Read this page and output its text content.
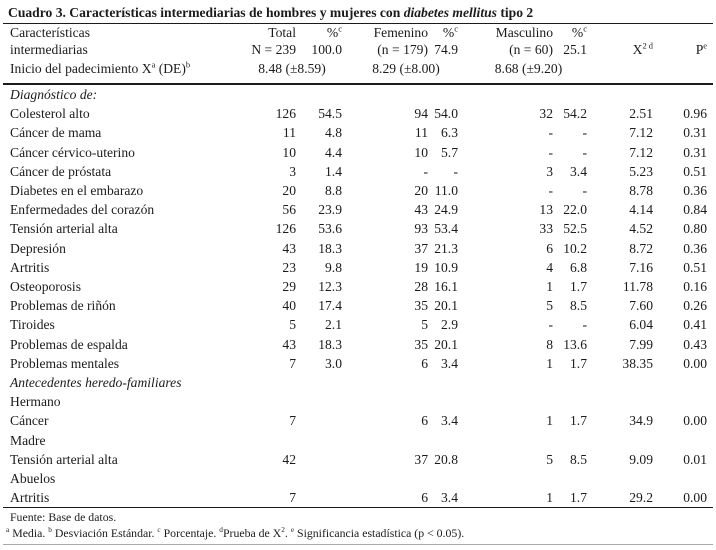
Cuadro 3. Características intermediarias de hombres y mujeres con diabetes mellitus tipo 2
Características	Total	%$^c$	Femenino	%$^c$	Masculino	%$^c$		
intermediarias	N = 239	100.0	(n = 179)	74.9	(n = 60)	25.1	$X^{2 d}$	$P^e$
Inicio del padecimiento $X^a$ (DE)$^b$	8.48 (±8.59)		8.29 (±8.00)		8.68 (±9.20)			
Diagnóstico de:								
Colesterol alto	126	54.5	94	54.0	32	54.2	2.51	0.96
Cáncer de mama	11	4.8	11	6.3	-	-	7.12	0.31
Cáncer cérvico-uterino	10	4.4	10	5.7	-	-	7.12	0.31
Cáncer de próstata	3	1.4	-	-	3	3.4	5.23	0.51
Diabetes en el embarazo	20	8.8	20	11.0	-	-	8.78	0.36
Enfermedades del corazón	56	23.9	43	24.9	13	22.0	4.14	0.84
Tensión arterial alta	126	53.6	93	53.4	33	52.5	4.52	0.80
Depresión	43	18.3	37	21.3	6	10.2	8.72	0.36
Artritis	23	9.8	19	10.9	4	6.8	7.16	0.51
Osteoporosis	29	12.3	28	16.1	1	1.7	11.78	0.16
Problemas de riñón	40	17.4	35	20.1	5	8.5	7.60	0.26
Tiroides	5	2.1	5	2.9	-	-	6.04	0.41
Problemas de espalda	43	18.3	35	20.1	8	13.6	7.99	0.43
Problemas mentales	7	3.0	6	3.4	1	1.7	38.35	0.00
Antecedentes heredo-familiares								
Hermano								
Cáncer	7		6	3.4	1	1.7	34.9	0.00
Madre								
Tensión arterial alta	42		37	20.8	5	8.5	9.09	0.01
Abuelos								
Artritis	7		6	3.4	1	1.7	29.2	0.00
Fuente: Base de datos.
$^a$ Media. $^b$ Desviación Estándar. $^c$ Porcentaje. $^d$Prueba de $X^2$. $^e$ Significancia estadística (p < 0.05).
